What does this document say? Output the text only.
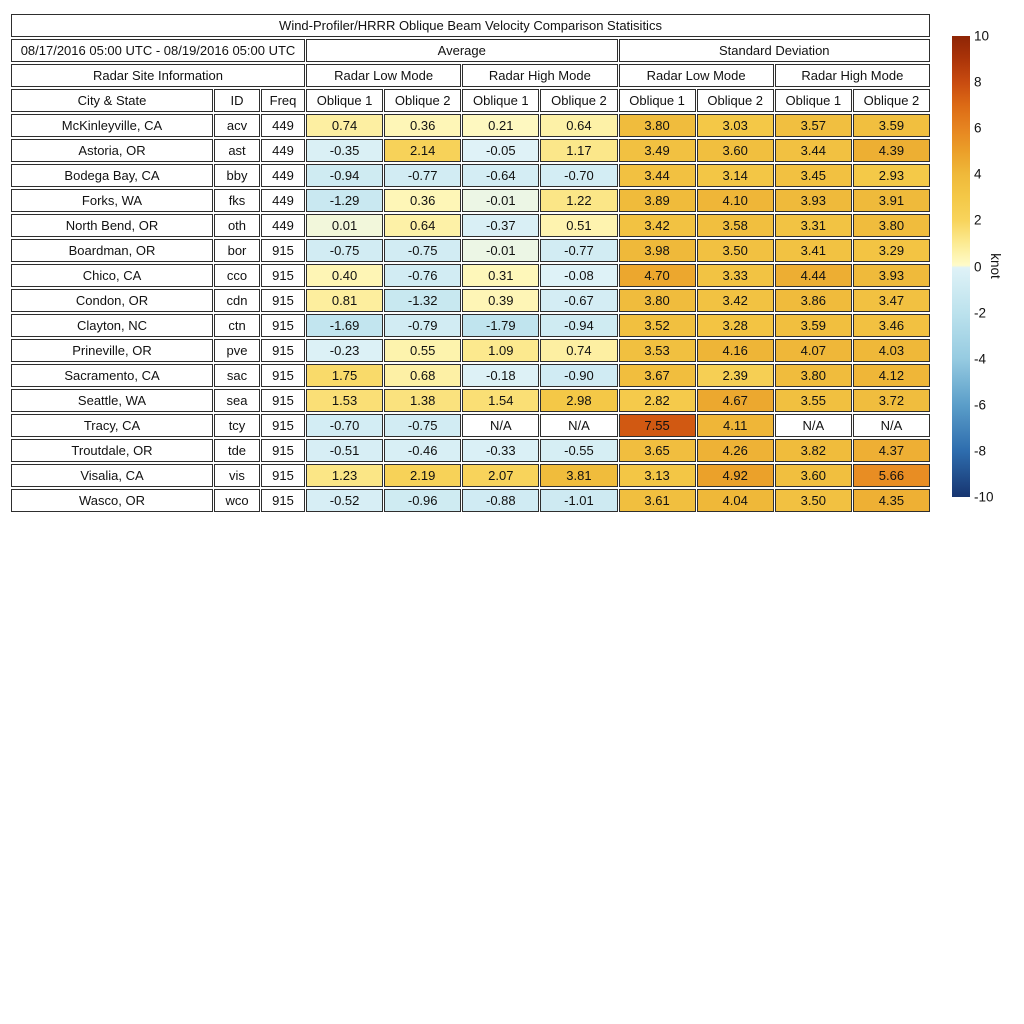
Wind-Profiler/HRRR Oblique Beam Velocity Comparison Statisitics										
08/17/2016 05:00 UTC - 08/19/2016 05:00 UTC			Average				Standard Deviation			
Radar Site Information			Radar Low Mode		Radar High Mode		Radar Low Mode		Radar High Mode	
City & State	ID	Freq	Oblique 1	Oblique 2	Oblique 1	Oblique 2	Oblique 1	Oblique 2	Oblique 1	Oblique 2
McKinleyville, CA	acv	449	0.74	0.36	0.21	0.64	3.80	3.03	3.57	3.59
Astoria, OR	ast	449	-0.35	2.14	-0.05	1.17	3.49	3.60	3.44	4.39
Bodega Bay, CA	bby	449	-0.94	-0.77	-0.64	-0.70	3.44	3.14	3.45	2.93
Forks, WA	fks	449	-1.29	0.36	-0.01	1.22	3.89	4.10	3.93	3.91
North Bend, OR	oth	449	0.01	0.64	-0.37	0.51	3.42	3.58	3.31	3.80
Boardman, OR	bor	915	-0.75	-0.75	-0.01	-0.77	3.98	3.50	3.41	3.29
Chico, CA	cco	915	0.40	-0.76	0.31	-0.08	4.70	3.33	4.44	3.93
Condon, OR	cdn	915	0.81	-1.32	0.39	-0.67	3.80	3.42	3.86	3.47
Clayton, NC	ctn	915	-1.69	-0.79	-1.79	-0.94	3.52	3.28	3.59	3.46
Prineville, OR	pve	915	-0.23	0.55	1.09	0.74	3.53	4.16	4.07	4.03
Sacramento, CA	sac	915	1.75	0.68	-0.18	-0.90	3.67	2.39	3.80	4.12
Seattle, WA	sea	915	1.53	1.38	1.54	2.98	2.82	4.67	3.55	3.72
Tracy, CA	tcy	915	-0.70	-0.75	N/A	N/A	7.55	4.11	N/A	N/A
Troutdale, OR	tde	915	-0.51	-0.46	-0.33	-0.55	3.65	4.26	3.82	4.37
Visalia, CA	vis	915	1.23	2.19	2.07	3.81	3.13	4.92	3.60	5.66
Wasco, OR	wco	915	-0.52	-0.96	-0.88	-1.01	3.61	4.04	3.50	4.35
10
8
6
4
2
0
-2
-4
-6
-8
-10
knot
